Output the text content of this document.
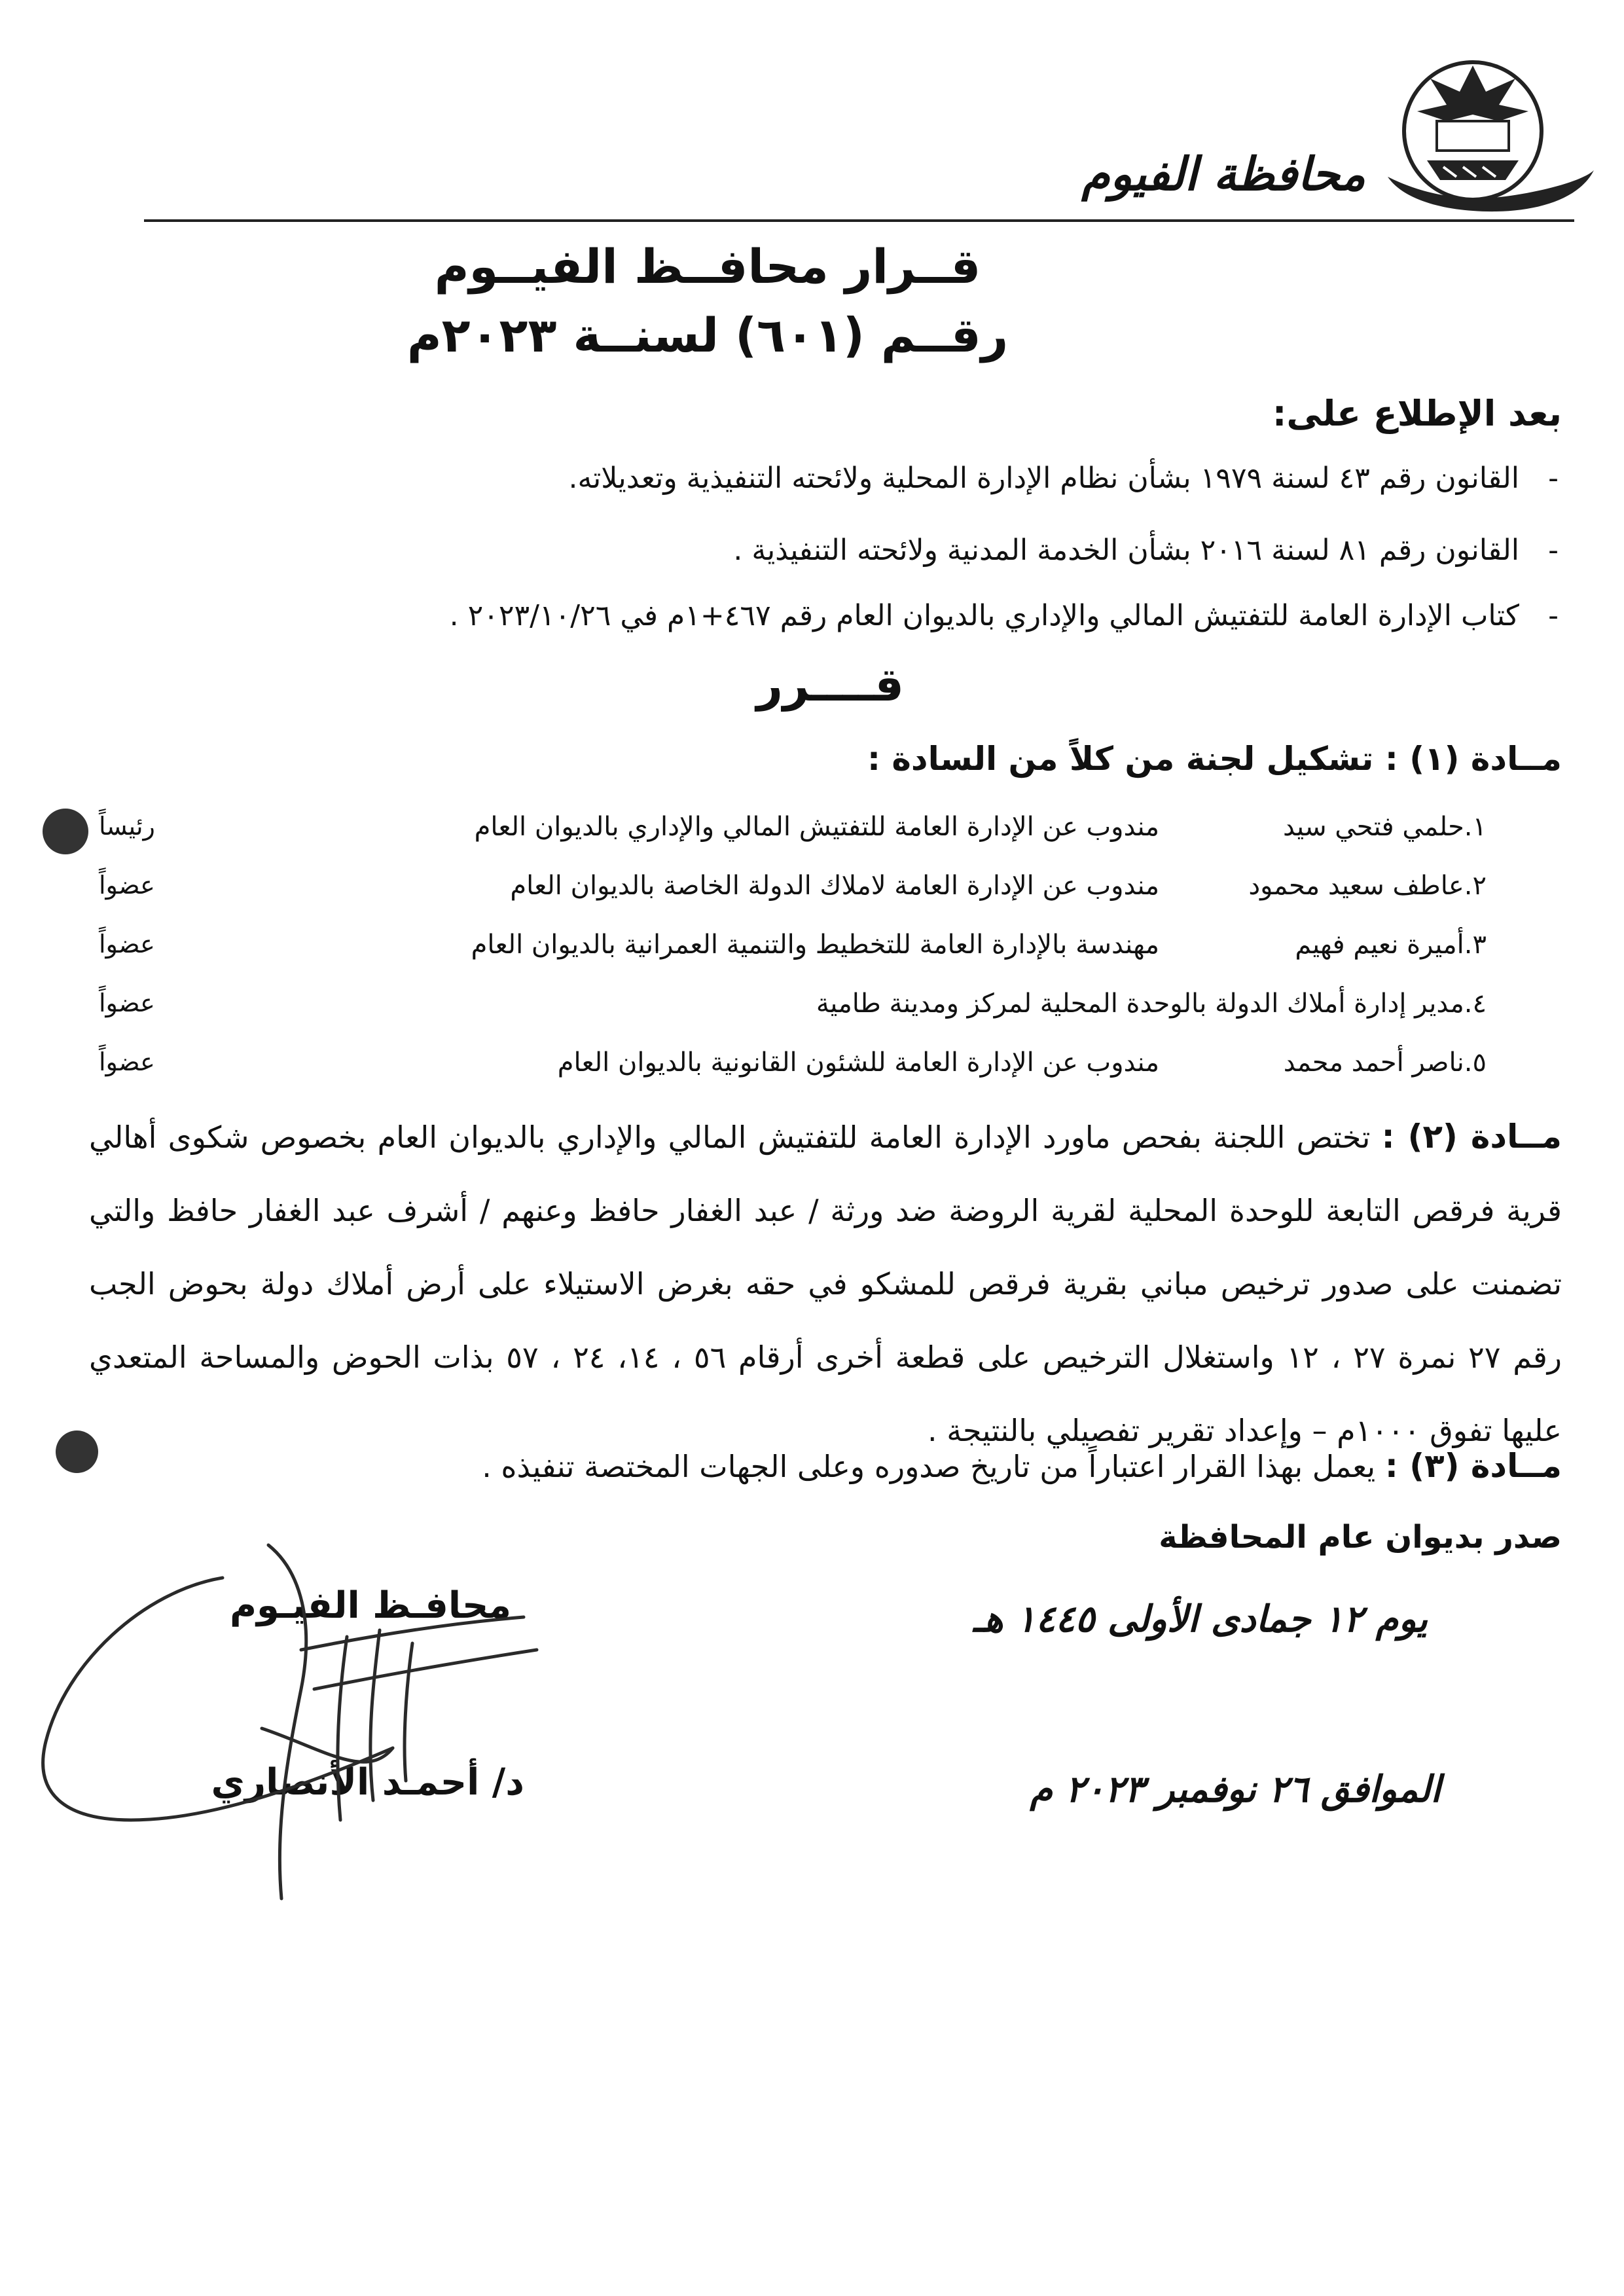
محافظة الفيوم
قــرار محافــظ الفيــوم
رقــم (٦٠١) لسنــة ٢٠٢٣م
بعد الإطلاع على:
-القانون رقم ٤٣ لسنة ١٩٧٩ بشأن نظام الإدارة المحلية ولائحته التنفيذية وتعديلاته.
-القانون رقم ٨١ لسنة ٢٠١٦ بشأن الخدمة المدنية ولائحته التنفيذية .
-كتاب الإدارة العامة للتفتيش المالي والإداري بالديوان العام رقم ٤٦٧+١م في ٢٠٢٣/١٠/٢٦ .
قــــرر
مــادة (١) : تشكيل لجنة من كلاً من السادة :
١.حلمي فتحي سيد
مندوب عن الإدارة العامة للتفتيش المالي والإداري بالديوان العام
رئيساً
٢.عاطف سعيد محمود
مندوب عن الإدارة العامة لاملاك الدولة الخاصة بالديوان العام
عضواً
٣.أميرة نعيم فهيم
مهندسة بالإدارة العامة للتخطيط والتنمية العمرانية بالديوان العام
عضواً
٤.مدير إدارة أملاك الدولة بالوحدة المحلية لمركز ومدينة طامية
عضواً
٥.ناصر أحمد محمد
مندوب عن الإدارة العامة للشئون القانونية بالديوان العام
عضواً
مــادة (٢) : تختص اللجنة بفحص ماورد الإدارة العامة للتفتيش المالي والإداري بالديوان العام بخصوص شكوى أهالي قرية فرقص التابعة للوحدة المحلية لقرية الروضة ضد ورثة / عبد الغفار حافظ وعنهم / أشرف عبد الغفار حافظ والتي تضمنت على صدور ترخيص مباني بقرية فرقص للمشكو في حقه بغرض الاستيلاء على أرض أملاك دولة بحوض الجب رقم ٢٧ نمرة ٢٧ ، ١٢ واستغلال الترخيص على قطعة أخرى أرقام ٥٦ ، ١٤، ٢٤ ، ٥٧ بذات الحوض والمساحة المتعدي عليها تفوق ١٠٠٠م – وإعداد تقرير تفصيلي بالنتيجة .
مــادة (٣) : يعمل بهذا القرار اعتباراً من تاريخ صدوره وعلى الجهات المختصة تنفيذه .
صدر بديوان عام المحافظة
يوم ١٢ جمادى الأولى ١٤٤٥ هـ
الموافق ٢٦ نوفمبر ٢٠٢٣ م
محافـظ الفيـوم
د/ أحمـد الأنصاري
